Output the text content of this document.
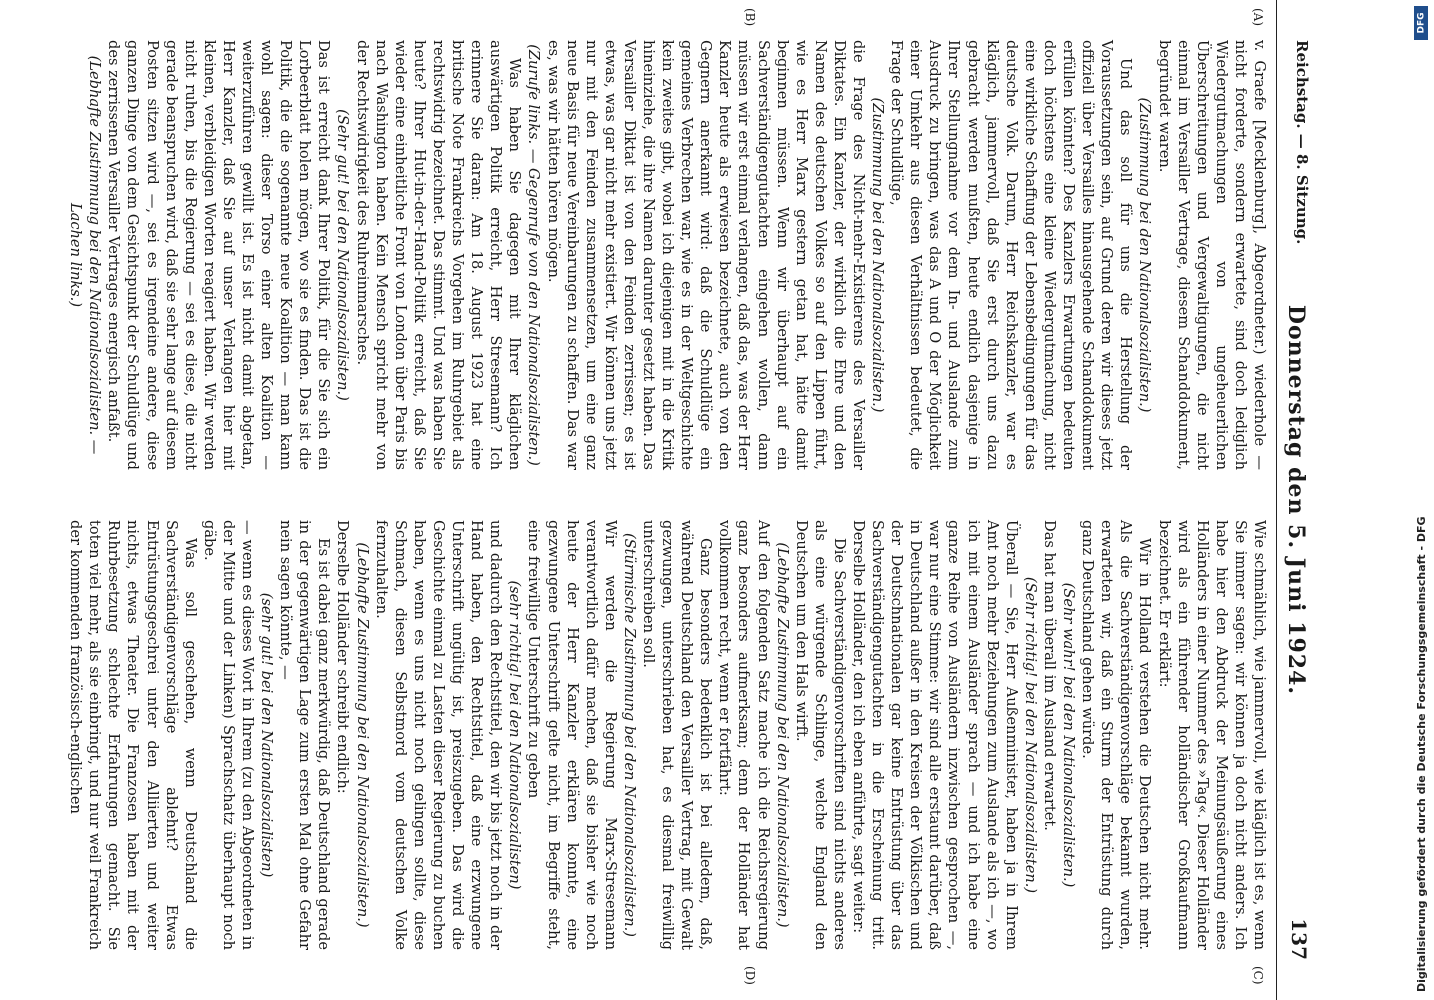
Reichstag. — 8. Sitzung.
Donnerstag den 5. Juni 1924.
137
(A)
(B)
(C)
(D)

v. Graefe [Mecklenburg], Abgeordneter.) wiederhole — nicht forderte, sondern erwartete, sind doch lediglich Wiedergutmachungen von ungeheuerlichen Überschreitungen und Vergewaltigungen, die nicht einmal im Versailler Vertrage, diesem Schanddokument, begründet waren.

(Zustimmung bei den Nationalsozialisten.)

Und das soll für uns die Herstellung der Voraussetzungen sein, auf Grund deren wir dieses jetzt offiziell über Versailles hinausgehende Schanddokument erfüllen könnten? Des Kanzlers Erwartungen bedeuten doch höchstens eine kleine Wiedergutmachung, nicht eine wirkliche Schaffung der Lebensbedingungen für das deutsche Volk. Darum, Herr Reichskanzler, war es kläglich, jammervoll, daß Sie erst durch uns dazu gebracht werden mußten, heute endlich dasjenige in Ihrer Stellungnahme vor dem In- und Auslande zum Ausdruck zu bringen, was das A und O der Möglichkeit einer Umkehr aus diesen Verhältnissen bedeutet, die Frage der Schuldlüge,

(Zustimmung bei den Nationalsozialisten.)

die Frage des Nicht-mehr-Existierens des Versailler Diktates. Ein Kanzler, der wirklich die Ehre und den Namen des deutschen Volkes so auf den Lippen führt, wie es Herr Marx gestern getan hat, hätte damit beginnen müssen. Wenn wir überhaupt auf ein Sachverständigengutachten eingehen wollen, dann müssen wir erst einmal verlangen, daß das, was der Herr Kanzler heute als erwiesen bezeichnete, auch von den Gegnern anerkannt wird: daß die Schuldlüge ein gemeines Verbrechen war, wie es in der Weltgeschichte kein zweites gibt, wobei ich diejenigen mit in die Kritik hineinziehe, die ihre Namen darunter gesetzt haben. Das Versailler Diktat ist von den Feinden zerrissen; es ist etwas, was gar nicht mehr existiert. Wir können uns jetzt nur mit den Feinden zusammensetzen, um eine ganz neue Basis für neue Vereinbarungen zu schaffen. Das war es, was wir hätten hören mögen.

(Zurufe links. — Gegenrufe von den Nationalsozialisten.)

Was haben Sie dagegen mit Ihrer kläglichen auswärtigen Politik erreicht, Herr Stresemann? Ich erinnere Sie daran: Am 18. August 1923 hat eine britische Note Frankreichs Vorgehen im Ruhrgebiet als rechtswidrig bezeichnet. Das stimmt. Und was haben Sie heute? Ihrer Hut-in-der-Hand-Politik erreicht, daß Sie wieder eine einheitliche Front von London über Paris bis nach Washington haben. Kein Mensch spricht mehr von der Rechtswidrigkeit des Ruhreinmarsches.

(Sehr gut! bei den Nationalsozialisten.)

Das ist erreicht dank Ihrer Politik, für die Sie sich ein Lorbeerblatt holen mögen, wo sie es finden. Das ist die Politik, die die sogenannte neue Koalition — man kann wohl sagen: dieser Torso einer alten Koalition — weiterzuführen gewillt ist. Es ist nicht damit abgetan, Herr Kanzler, daß Sie auf unser Verlangen hier mit kleinen, verbleidigen Worten reagiert haben. Wir werden nicht ruhen, bis die Regierung — sei es diese, die nicht gerade beanspruchen wird, daß sie sehr lange auf diesem Posten sitzen wird —, sei es irgendeine andere, diese ganzen Dinge von dem Gesichtspunkt der Schuldlüge und des zerrissenen Versailler Vertrages energisch anfaßt.

(Lebhafte Zustimmung bei den Nationalsozialisten. — Lachen links.)

Wie schmählich, wie jammervoll, wie kläglich ist es, wenn Sie immer sagen: wir können ja doch nicht anders. Ich habe hier den Abdruck der Meinungsäußerung eines Holländers in einer Nummer des »Tag«. Dieser Holländer wird als ein führender holländischer Großkaufmann bezeichnet. Er erklärt:

Wir in Holland verstehen die Deutschen nicht mehr. Als die Sachverständigenvorschläge bekannt wurden, erwarteten wir, daß ein Sturm der Entrüstung durch ganz Deutschland gehen würde.

(Sehr wahr! bei den Nationalsozialisten.)

Das hat man überall im Ausland erwartet.

(Sehr richtig! bei den Nationalsozialisten.)

Überall — Sie, Herr Außenminister, haben ja in Ihrem Amt noch mehr Beziehungen zum Auslande als ich —, wo ich mit einem Ausländer sprach — und ich habe eine ganze Reihe von Ausländern inzwischen gesprochen —, war nur eine Stimme: wir sind alle erstaunt darüber, daß in Deutschland außer in den Kreisen der Völkischen und der Deutschnationalen gar keine Entrüstung über das Sachverständigengutachten in die Erscheinung tritt. Derselbe Holländer, den ich eben anführte, sagt weiter:

Die Sachverständigenvorschriften sind nichts anderes als eine würgende Schlinge, welche England den Deutschen um den Hals wirft.

(Lebhafte Zustimmung bei den Nationalsozialisten.)

Auf den folgenden Satz mache ich die Reichsregierung ganz besonders aufmerksam; denn der Holländer hat vollkommen recht, wenn er fortfährt:

Ganz besonders bedenklich ist bei alledem, daß, während Deutschland den Versailler Vertrag, mit Gewalt gezwungen, unterschrieben hat, es diesmal freiwillig unterschreiben soll.

(Stürmische Zustimmung bei den Nationalsozialisten.)

Wir werden die Regierung Marx-Stresemann verantwortlich dafür machen, daß sie bisher wie noch heute der Herr Kanzler erklären konnte, eine gezwungene Unterschrift gelte nicht, im Begriffe steht, eine freiwillige Unterschrift zu geben

(sehr richtig! bei den Nationalsozialisten)

und dadurch den Rechtstitel, den wir bis jetzt noch in der Hand haben, den Rechtstitel, daß eine erzwungene Unterschrift ungültig ist, preiszugeben. Das wird die Geschichte einmal zu Lasten dieser Regierung zu buchen haben, wenn es uns nicht noch gelingen sollte, diese Schmach, diesen Selbstmord vom deutschen Volke fernzuhalten.

(Lebhafte Zustimmung bei den Nationalsozialisten.)

Derselbe Holländer schreibt endlich:

Es ist dabei ganz merkwürdig, daß Deutschland gerade in der gegenwärtigen Lage zum ersten Mal ohne Gefahr nein sagen könnte, —

(sehr gut! bei den Nationalsozialisten)

— wenn es dieses Wort in Ihrem (zu den Abgeordneten in der Mitte und der Linken) Sprachschatz überhaupt noch gäbe.

Was soll geschehen, wenn Deutschland die Sachverständigenvorschläge ablehnt? Etwas Entrüstungsgeschrei unter den Alliierten und weiter nichts, etwas Theater. Die Franzosen haben mit der Ruhrbesetzung schlechte Erfahrungen gemacht. Sie toten viel mehr, als sie einbringt, und nur weil Frankreich der kommenden französisch-englischen	Digitalisierung gefördert durch die Deutsche Forschungsgemeinschaft - DFG
DFG
